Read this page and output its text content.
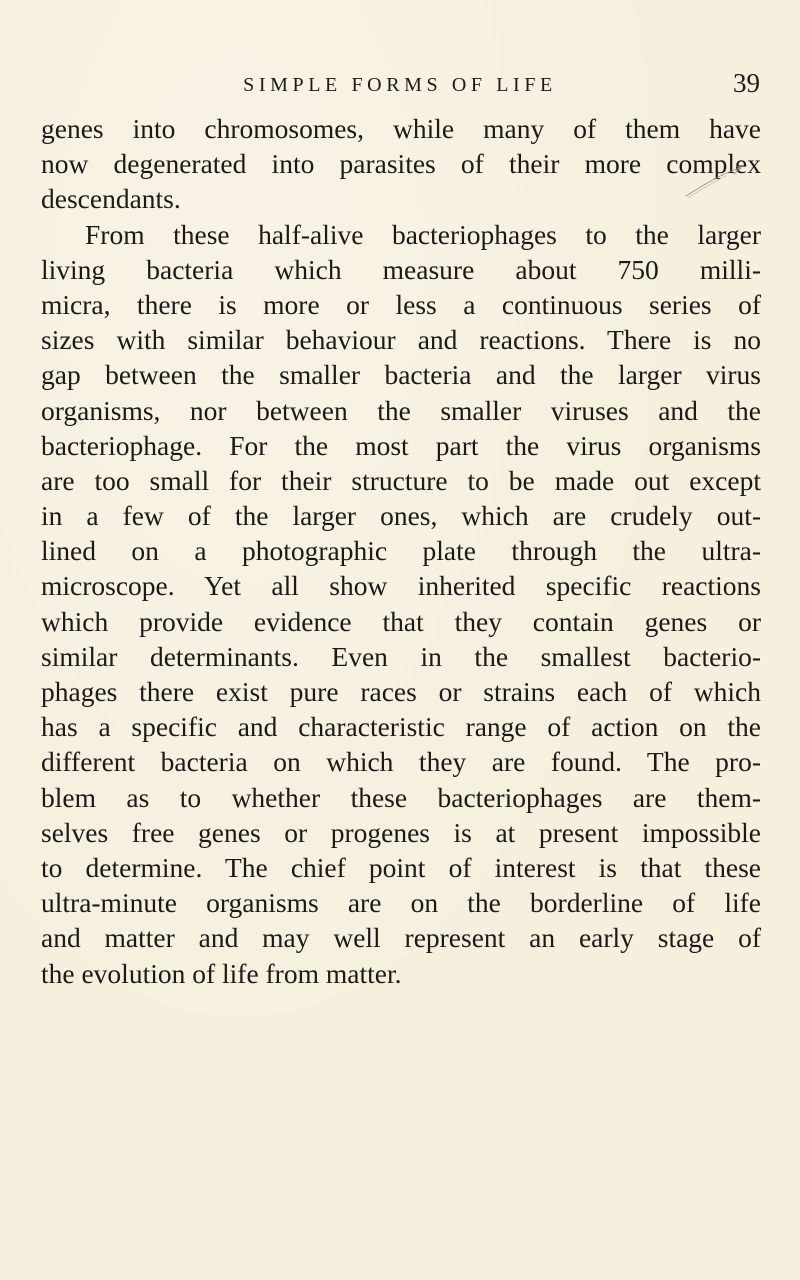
SIMPLE FORMS OF LIFE	39
genes into chromosomes, while many of them have
now degenerated into parasites of their more complex
descendants.
From these half-alive bacteriophages to the larger
living bacteria which measure about 750 milli-
micra, there is more or less a continuous series of
sizes with similar behaviour and reactions. There is no
gap between the smaller bacteria and the larger virus
organisms, nor between the smaller viruses and the
bacteriophage. For the most part the virus organisms
are too small for their structure to be made out except
in a few of the larger ones, which are crudely out-
lined on a photographic plate through the ultra-
microscope. Yet all show inherited specific reactions
which provide evidence that they contain genes or
similar determinants. Even in the smallest bacterio-
phages there exist pure races or strains each of which
has a specific and characteristic range of action on the
different bacteria on which they are found. The pro-
blem as to whether these bacteriophages are them-
selves free genes or progenes is at present impossible
to determine. The chief point of interest is that these
ultra-minute organisms are on the borderline of life
and matter and may well represent an early stage of
the evolution of life from matter.
